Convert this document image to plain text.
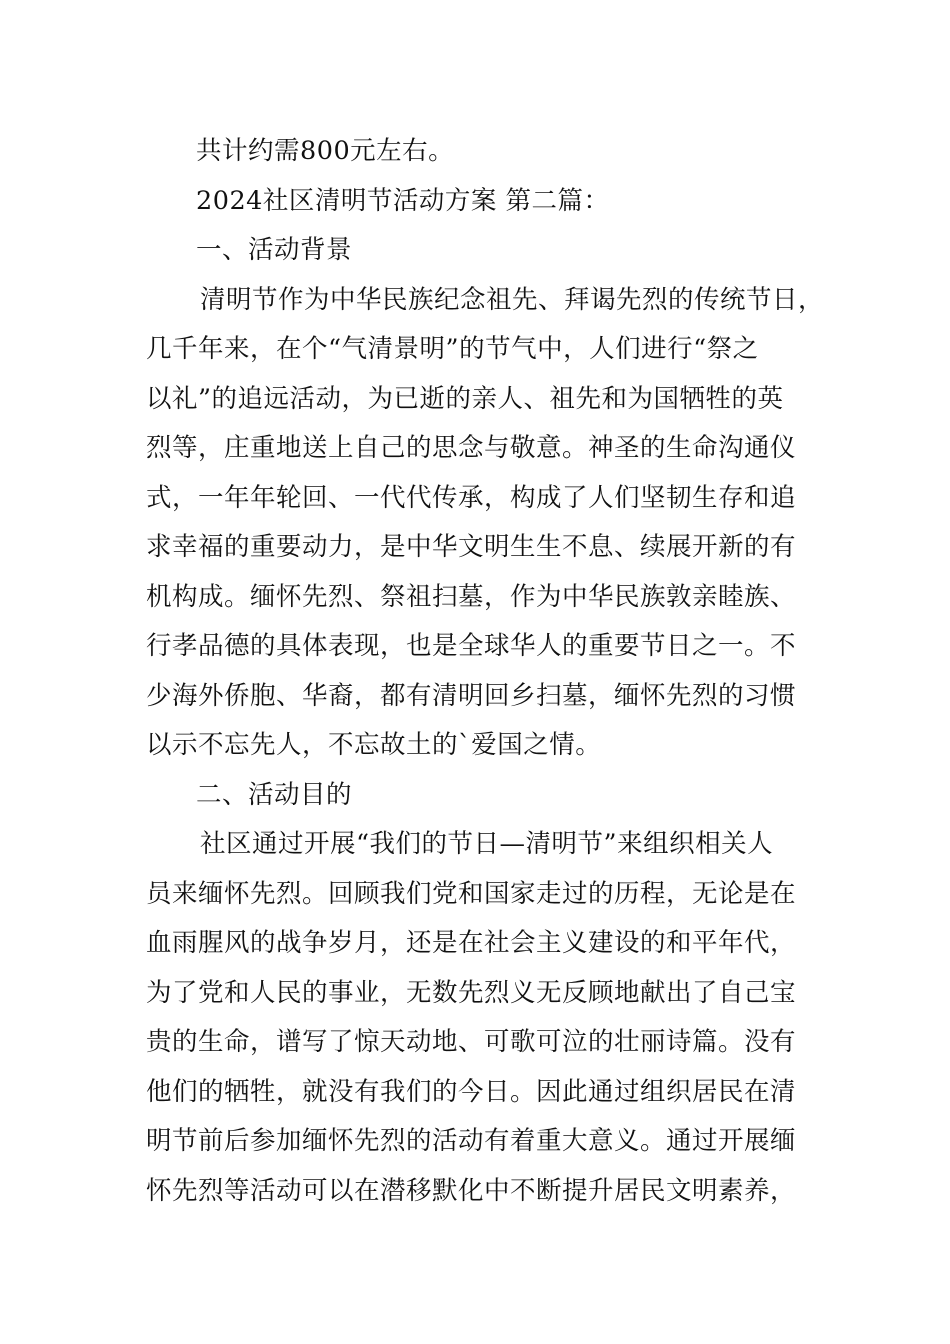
共计约需800元左右。
2024社区清明节活动方案 第二篇：
一、活动背景
清明节作为中华民族纪念祖先、拜谒先烈的传统节日，
几千年来，在个“气清景明”的节气中，人们进行“祭之
以礼”的追远活动，为已逝的亲人、祖先和为国牺牲的英
烈等，庄重地送上自己的思念与敬意。神圣的生命沟通仪
式，一年年轮回、一代代传承，构成了人们坚韧生存和追
求幸福的重要动力，是中华文明生生不息、续展开新的有
机构成。缅怀先烈、祭祖扫墓，作为中华民族敦亲睦族、
行孝品德的具体表现，也是全球华人的重要节日之一。不
少海外侨胞、华裔，都有清明回乡扫墓，缅怀先烈的习惯
以示不忘先人，不忘故土的`爱国之情。
二、活动目的
社区通过开展“我们的节日—清明节”来组织相关人
员来缅怀先烈。回顾我们党和国家走过的历程，无论是在
血雨腥风的战争岁月，还是在社会主义建设的和平年代，
为了党和人民的事业，无数先烈义无反顾地献出了自己宝
贵的生命，谱写了惊天动地、可歌可泣的壮丽诗篇。没有
他们的牺牲，就没有我们的今日。因此通过组织居民在清
明节前后参加缅怀先烈的活动有着重大意义。通过开展缅
怀先烈等活动可以在潜移默化中不断提升居民文明素养，
